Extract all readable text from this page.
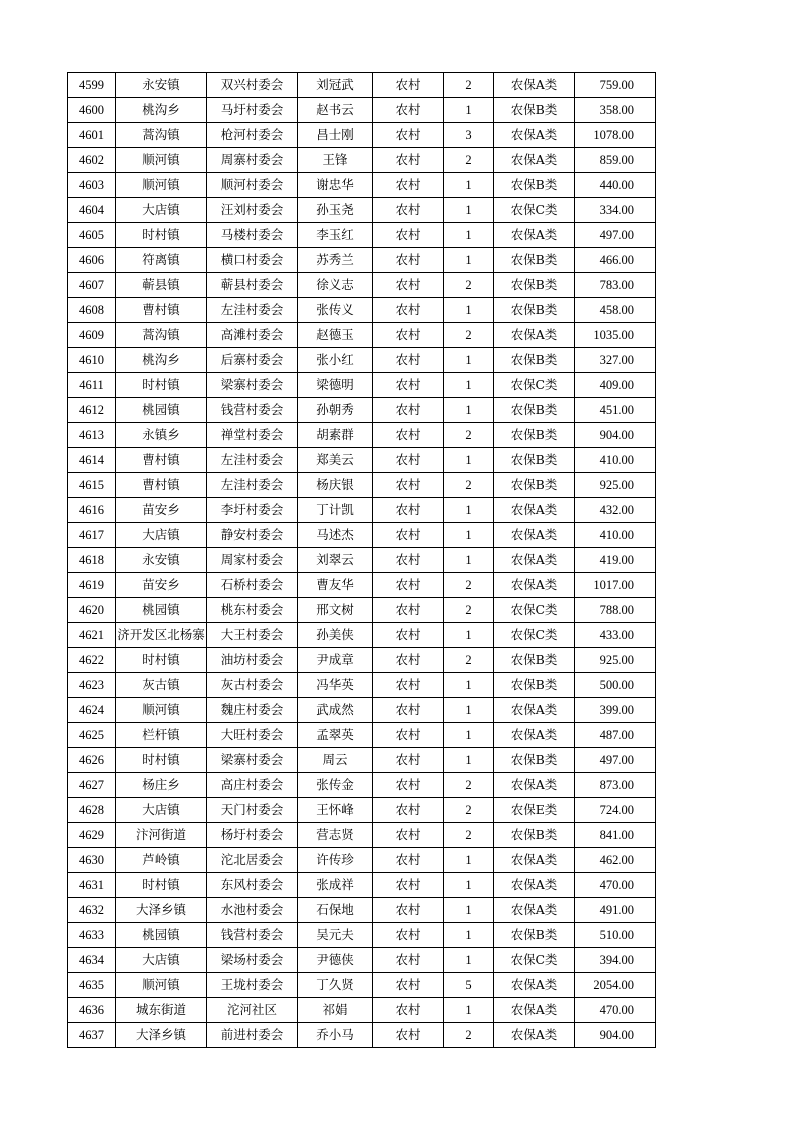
4599	永安镇	双兴村委会	刘冠武	农村	2	农保A类	759.00
4600	桃沟乡	马圩村委会	赵书云	农村	1	农保B类	358.00
4601	蒿沟镇	枪河村委会	昌士刚	农村	3	农保A类	1078.00
4602	顺河镇	周寨村委会	王锋	农村	2	农保A类	859.00
4603	顺河镇	顺河村委会	谢忠华	农村	1	农保B类	440.00
4604	大店镇	汪刘村委会	孙玉尧	农村	1	农保C类	334.00
4605	时村镇	马楼村委会	李玉红	农村	1	农保A类	497.00
4606	符离镇	横口村委会	苏秀兰	农村	1	农保B类	466.00
4607	蕲县镇	蕲县村委会	徐义志	农村	2	农保B类	783.00
4608	曹村镇	左洼村委会	张传义	农村	1	农保B类	458.00
4609	蒿沟镇	高滩村委会	赵德玉	农村	2	农保A类	1035.00
4610	桃沟乡	后寨村委会	张小红	农村	1	农保B类	327.00
4611	时村镇	梁寨村委会	梁德明	农村	1	农保C类	409.00
4612	桃园镇	钱营村委会	孙朝秀	农村	1	农保B类	451.00
4613	永镇乡	禅堂村委会	胡素群	农村	2	农保B类	904.00
4614	曹村镇	左洼村委会	郑美云	农村	1	农保B类	410.00
4615	曹村镇	左洼村委会	杨庆银	农村	2	农保B类	925.00
4616	苗安乡	李圩村委会	丁计凯	农村	1	农保A类	432.00
4617	大店镇	静安村委会	马述杰	农村	1	农保A类	410.00
4618	永安镇	周家村委会	刘翠云	农村	1	农保A类	419.00
4619	苗安乡	石桥村委会	曹友华	农村	2	农保A类	1017.00
4620	桃园镇	桃东村委会	邢文树	农村	2	农保C类	788.00
4621	济开发区北杨寨	大王村委会	孙美侠	农村	1	农保C类	433.00
4622	时村镇	油坊村委会	尹成章	农村	2	农保B类	925.00
4623	灰古镇	灰古村委会	冯华英	农村	1	农保B类	500.00
4624	顺河镇	魏庄村委会	武成然	农村	1	农保A类	399.00
4625	栏杆镇	大旺村委会	孟翠英	农村	1	农保A类	487.00
4626	时村镇	梁寨村委会	周云	农村	1	农保B类	497.00
4627	杨庄乡	高庄村委会	张传金	农村	2	农保A类	873.00
4628	大店镇	天门村委会	王怀峰	农村	2	农保E类	724.00
4629	汴河街道	杨圩村委会	营志贤	农村	2	农保B类	841.00
4630	芦岭镇	沱北居委会	许传珍	农村	1	农保A类	462.00
4631	时村镇	东风村委会	张成祥	农村	1	农保A类	470.00
4632	大泽乡镇	水池村委会	石保地	农村	1	农保A类	491.00
4633	桃园镇	钱营村委会	吴元夫	农村	1	农保B类	510.00
4634	大店镇	梁场村委会	尹德侠	农村	1	农保C类	394.00
4635	顺河镇	王垅村委会	丁久贤	农村	5	农保A类	2054.00
4636	城东街道	沱河社区	祁娟	农村	1	农保A类	470.00
4637	大泽乡镇	前进村委会	乔小马	农村	2	农保A类	904.00
